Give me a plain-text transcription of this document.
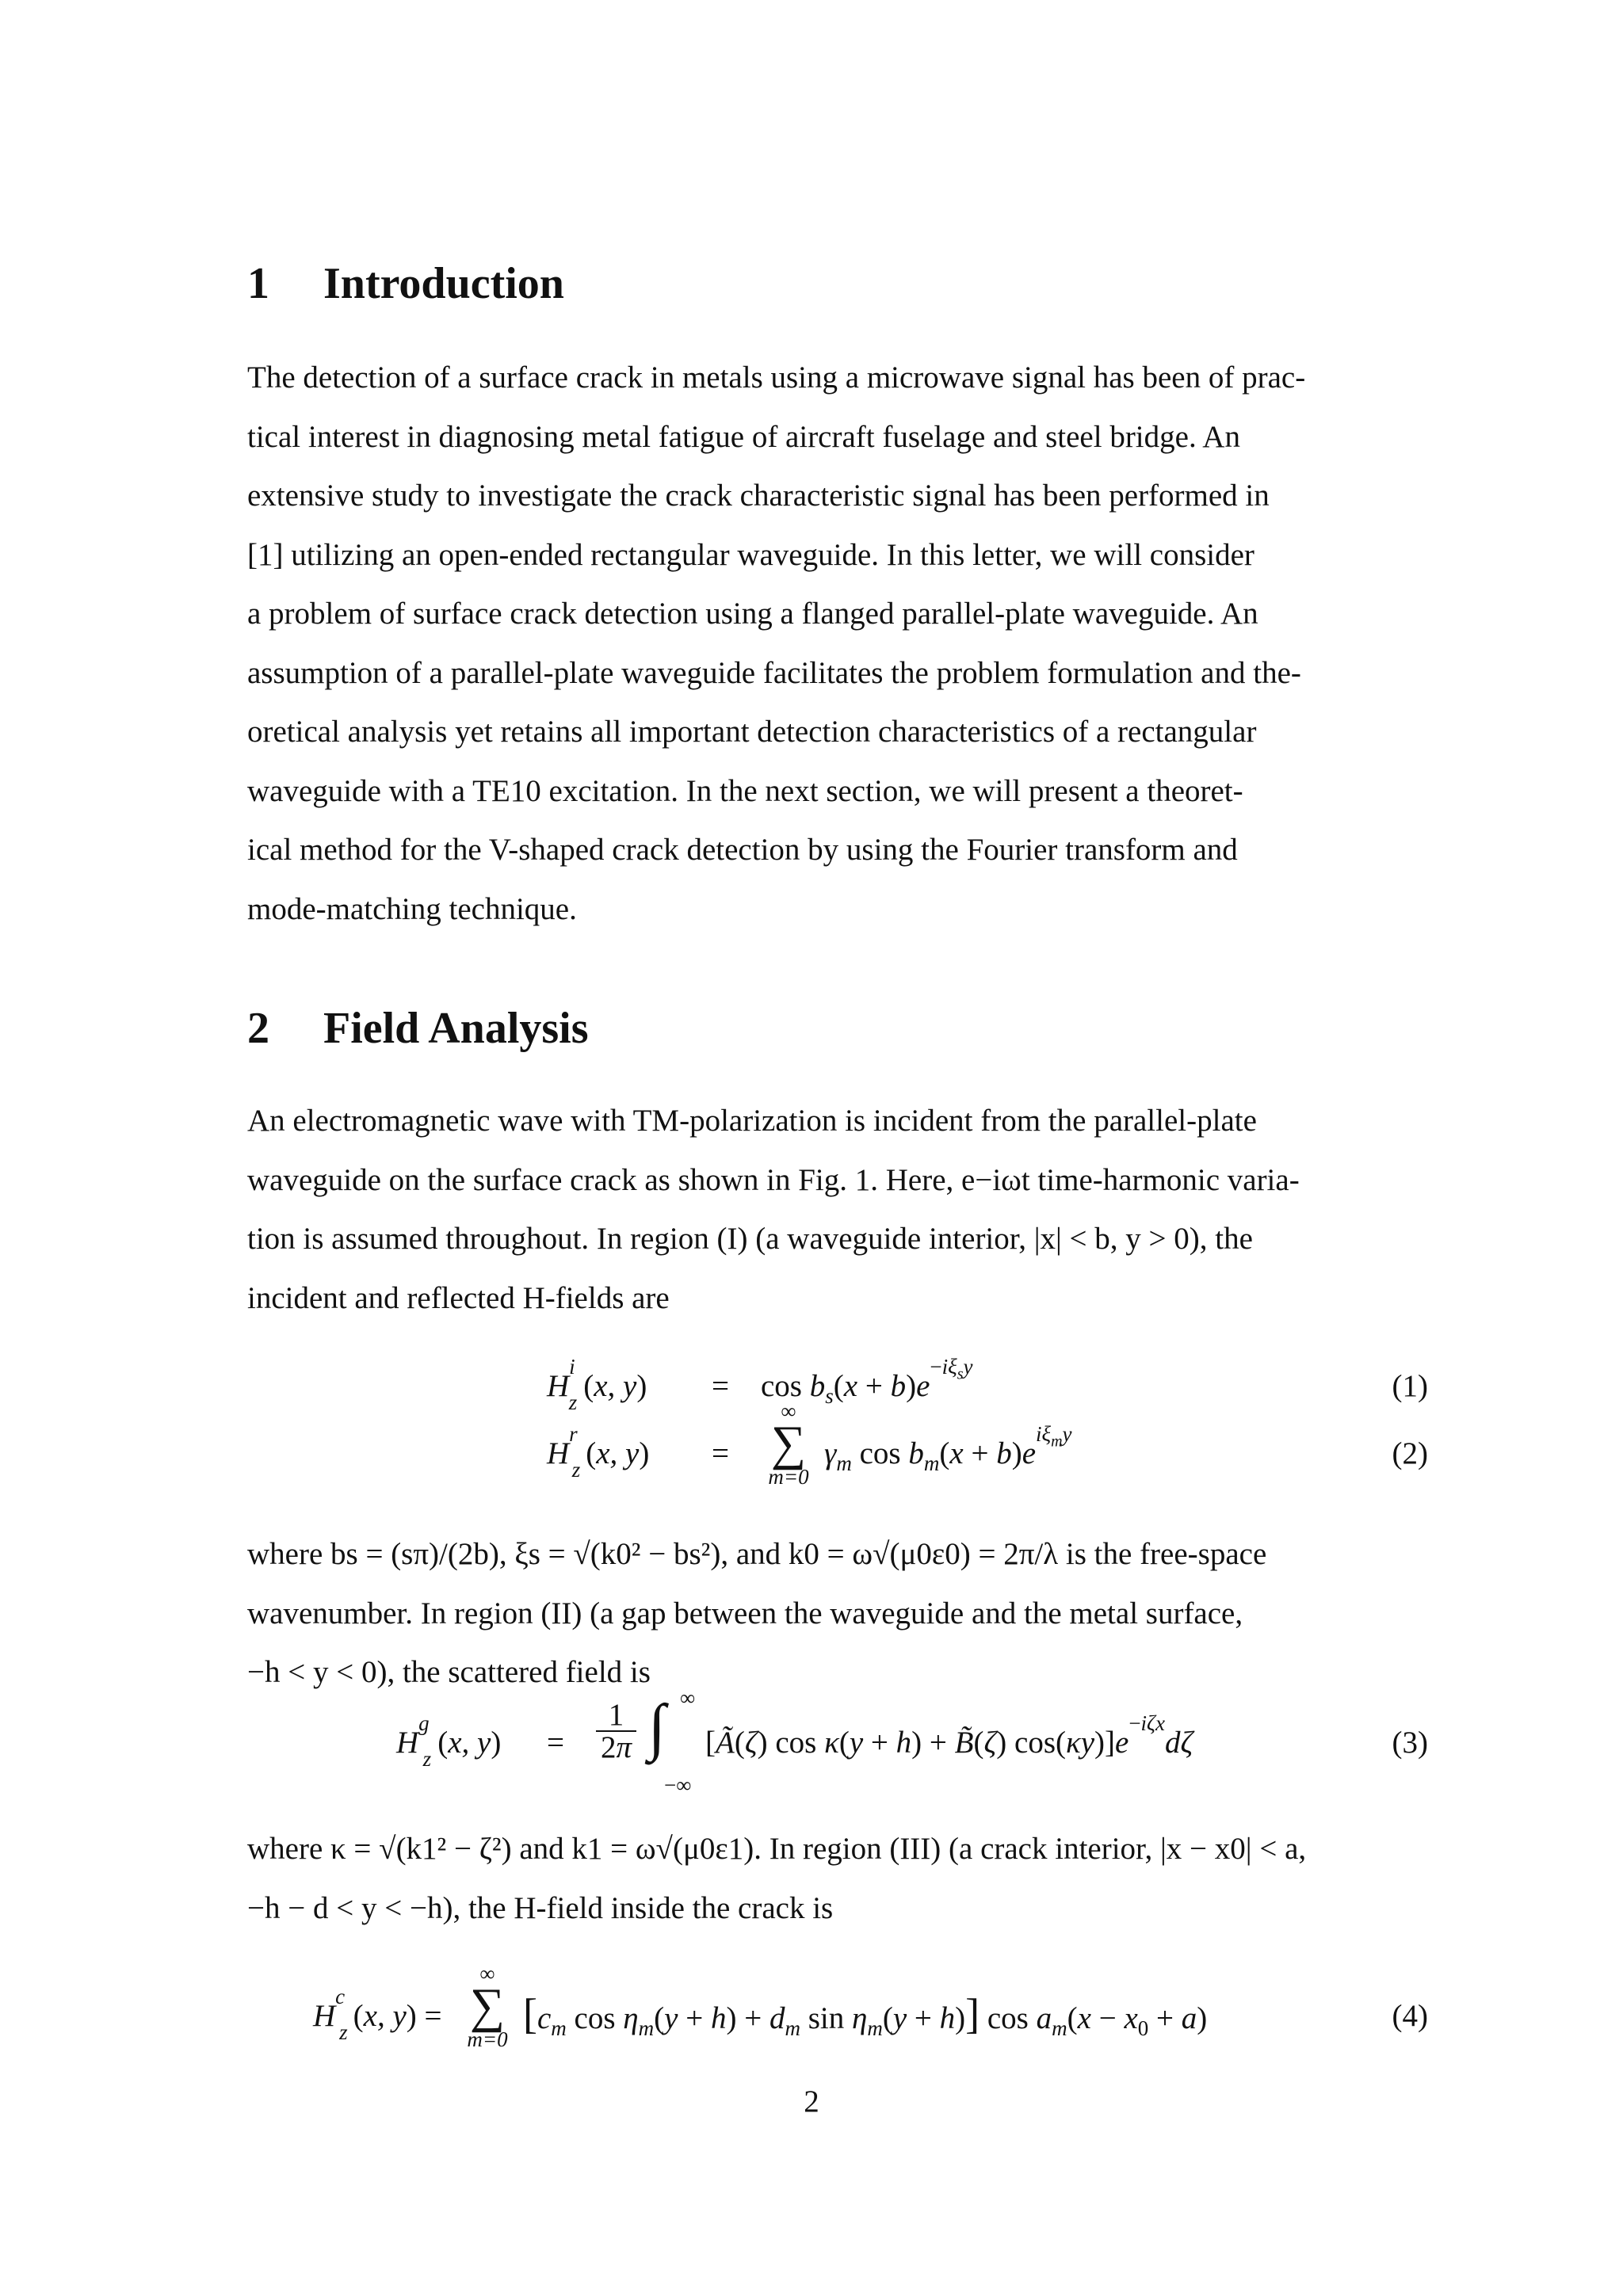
1 Introduction

The detection of a surface crack in metals using a microwave signal has been of prac-
tical interest in diagnosing metal fatigue of aircraft fuselage and steel bridge. An
extensive study to investigate the crack characteristic signal has been performed in
[1] utilizing an open-ended rectangular waveguide. In this letter, we will consider
a problem of surface crack detection using a flanged parallel-plate waveguide. An
assumption of a parallel-plate waveguide facilitates the problem formulation and the-
oretical analysis yet retains all important detection characteristics of a rectangular
waveguide with a TE10 excitation. In the next section, we will present a theoret-
ical method for the V-shaped crack detection by using the Fourier transform and
mode-matching technique.

2 Field Analysis

An electromagnetic wave with TM-polarization is incident from the parallel-plate
waveguide on the surface crack as shown in Fig. 1. Here, e−iωt time-harmonic varia-
tion is assumed throughout. In region (I) (a waveguide interior, |x| < b, y > 0), the
incident and reflected H-fields are

$H^i_z$ (x, $y) = \cos b_s(x + b)e^{-i\xi_sy}$
(1)
$H^r_z$ (x, y) =
∞
∑
m=0
$\gamma_m$ $\cos b_m(x + b)e^{i\xi_my}$
(2)

where bs = (sπ)/(2b), ξs = √(k0² − bs²), and k0 = ω√(μ0ε0) = 2π/λ is the free-space
wavenumber. In region (II) (a gap between the waveguide and the metal surface,
−h < y < 0), the scattered field is

$H^g_z$ (x, $y) = \frac{1}{2\pi}$ ∫ ∞
−∞
[Ã(ζ) cos κ(y + h) + B̃(ζ) $\cos(\kappa y)]e^{-i\zeta x}d\zeta$	(3)

where κ = √(k1² − ζ²) and k1 = ω√(μ0ε1). In region (III) (a crack interior, |x − x0| < a,
−h − d < y < −h), the H-field inside the crack is

$H^c_z$ (x, y) =
∞
∑
m=0
[$c_m$ $\cos \eta_m(y + h) + d_m$ $\sin \eta_m(y + h)$] $\cos a_m(x - x_0 + a)$	(4)
2
